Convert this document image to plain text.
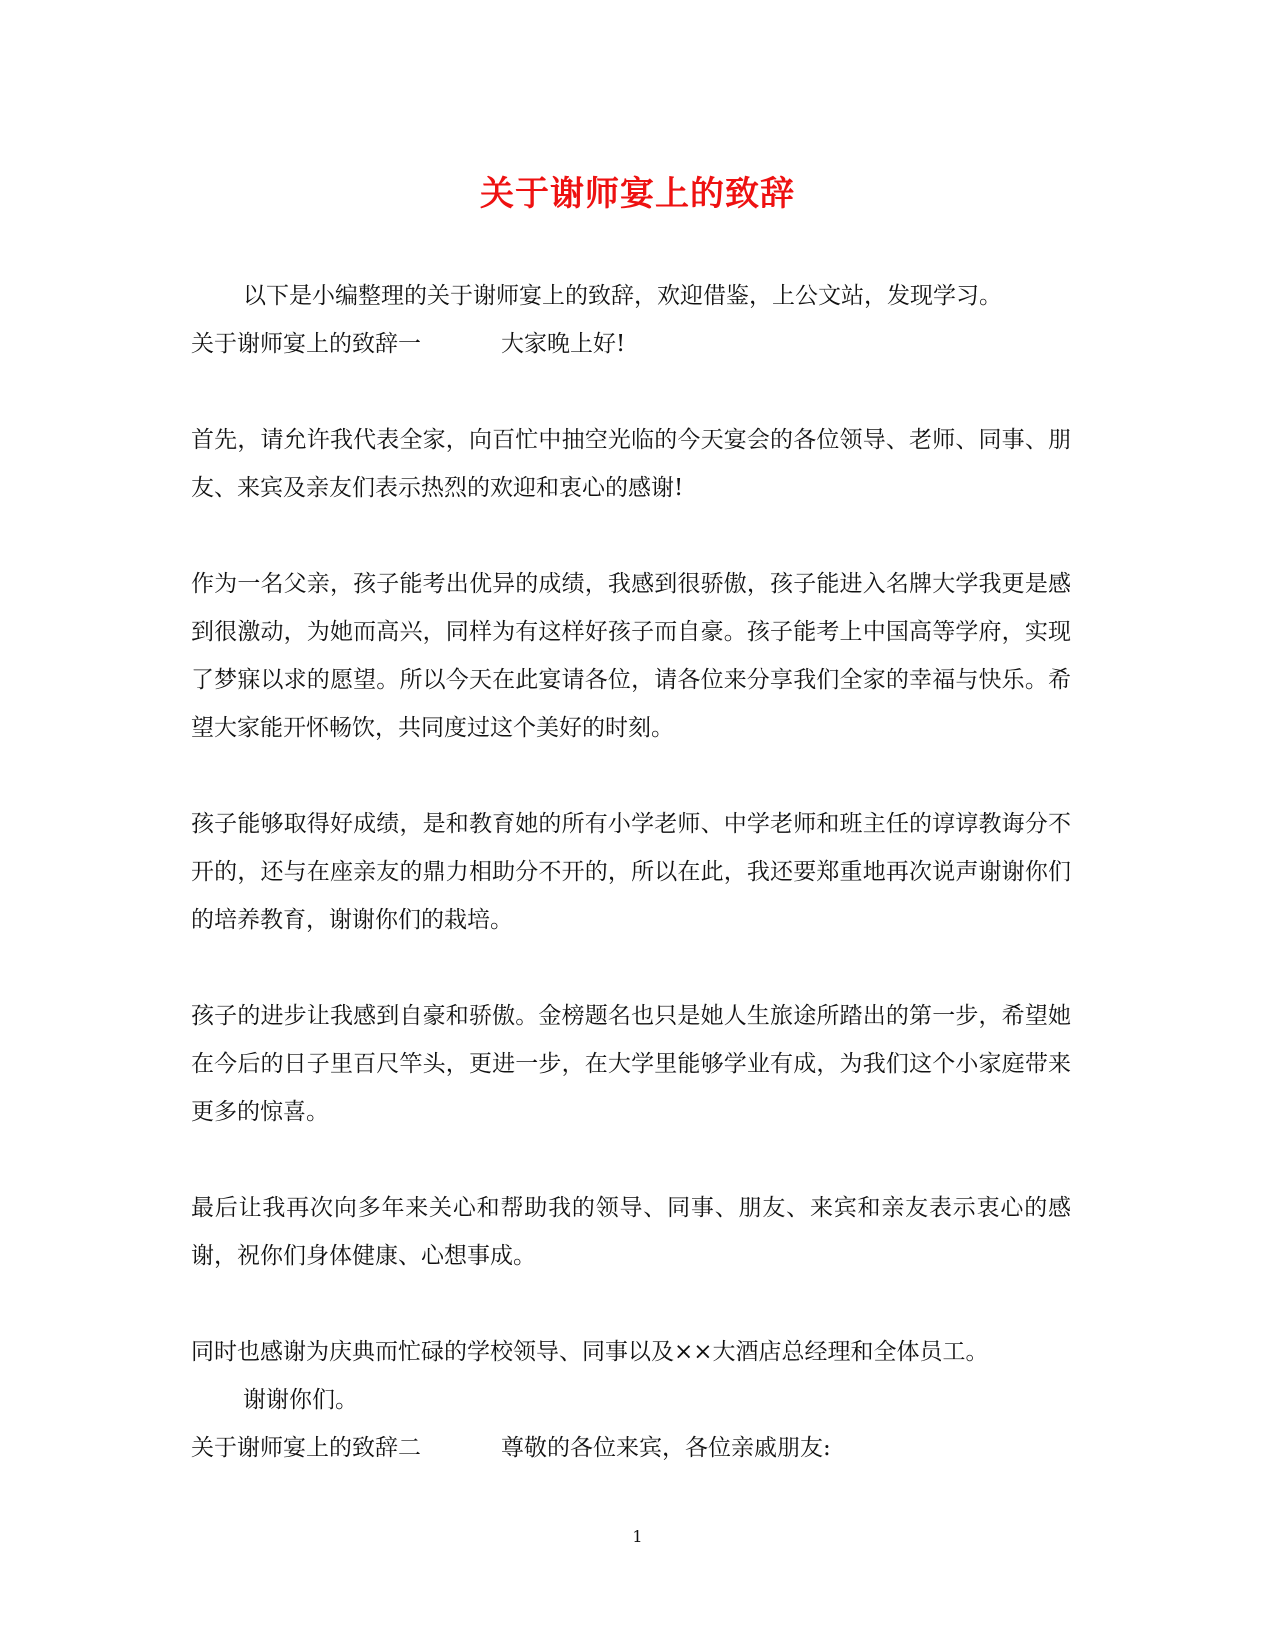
关于谢师宴上的致辞
以下是小编整理的关于谢师宴上的致辞，欢迎借鉴，上公文站，发现学习。
关于谢师宴上的致辞一	大家晚上好!

首先，请允许我代表全家，向百忙中抽空光临的今天宴会的各位领导、老师、同事、朋友、来宾及亲友们表示热烈的欢迎和衷心的感谢!

作为一名父亲，孩子能考出优异的成绩，我感到很骄傲，孩子能进入名牌大学我更是感到很激动，为她而高兴，同样为有这样好孩子而自豪。孩子能考上中国高等学府，实现了梦寐以求的愿望。所以今天在此宴请各位，请各位来分享我们全家的幸福与快乐。希望大家能开怀畅饮，共同度过这个美好的时刻。

孩子能够取得好成绩，是和教育她的所有小学老师、中学老师和班主任的谆谆教诲分不开的，还与在座亲友的鼎力相助分不开的，所以在此，我还要郑重地再次说声谢谢你们的培养教育，谢谢你们的栽培。

孩子的进步让我感到自豪和骄傲。金榜题名也只是她人生旅途所踏出的第一步，希望她在今后的日子里百尺竿头，更进一步，在大学里能够学业有成，为我们这个小家庭带来更多的惊喜。

最后让我再次向多年来关心和帮助我的领导、同事、朋友、来宾和亲友表示衷心的感谢，祝你们身体健康、心想事成。

同时也感谢为庆典而忙碌的学校领导、同事以及××大酒店总经理和全体员工。
谢谢你们。
关于谢师宴上的致辞二	尊敬的各位来宾，各位亲戚朋友:
1
